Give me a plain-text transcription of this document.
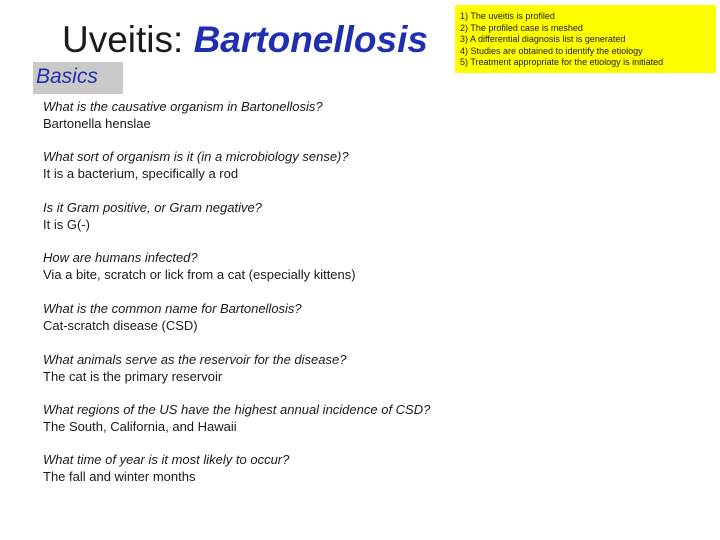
Uveitis: Bartonellosis
1) The uveitis is profiled
2) The profiled case is meshed
3) A differential diagnosis list is generated
4) Studies are obtained to identify the etiology
5) Treatment appropriate for the etiology is initiated
Basics
What is the causative organism in Bartonellosis?
Bartonella henslae
What sort of organism is it (in a microbiology sense)?
It is a bacterium, specifically a rod
Is it Gram positive, or Gram negative?
It is G(-)
How are humans infected?
Via a bite, scratch or lick from a cat (especially kittens)
What is the common name for Bartonellosis?
Cat-scratch disease (CSD)
What animals serve as the reservoir for the disease?
The cat is the primary reservoir
What regions of the US have the highest annual incidence of CSD?
The South, California, and Hawaii
What time of year is it most likely to occur?
The fall and winter months
